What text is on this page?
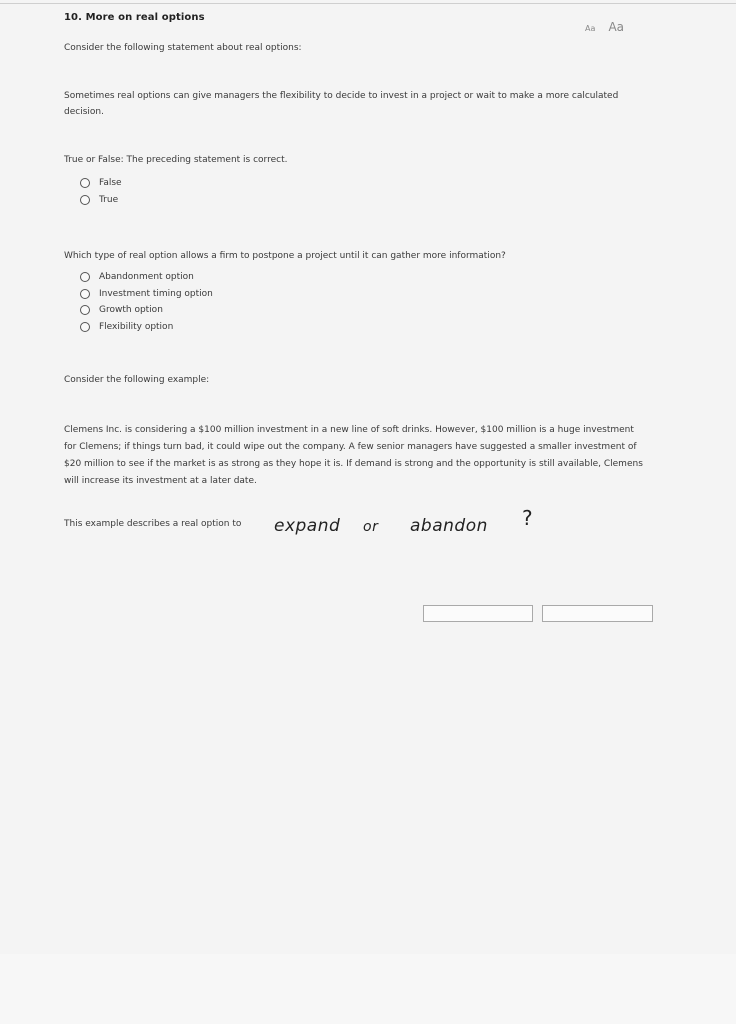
10. More on real options
Aa Aa
Consider the following statement about real options:
Sometimes real options can give managers the flexibility to decide to invest in a project or wait to make a more calculated decision.
True or False: The preceding statement is correct.
False
True
Which type of real option allows a firm to postpone a project until it can gather more information?
Abandonment option
Investment timing option
Growth option
Flexibility option
Consider the following example:
Clemens Inc. is considering a $100 million investment in a new line of soft drinks. However, $100 million is a huge investment for Clemens; if things turn bad, it could wipe out the company. A few senior managers have suggested a smaller investment of $20 million to see if the market is as strong as they hope it is. If demand is strong and the opportunity is still available, Clemens will increase its investment at a later date.
This example describes a real option to expand or abandon ?
